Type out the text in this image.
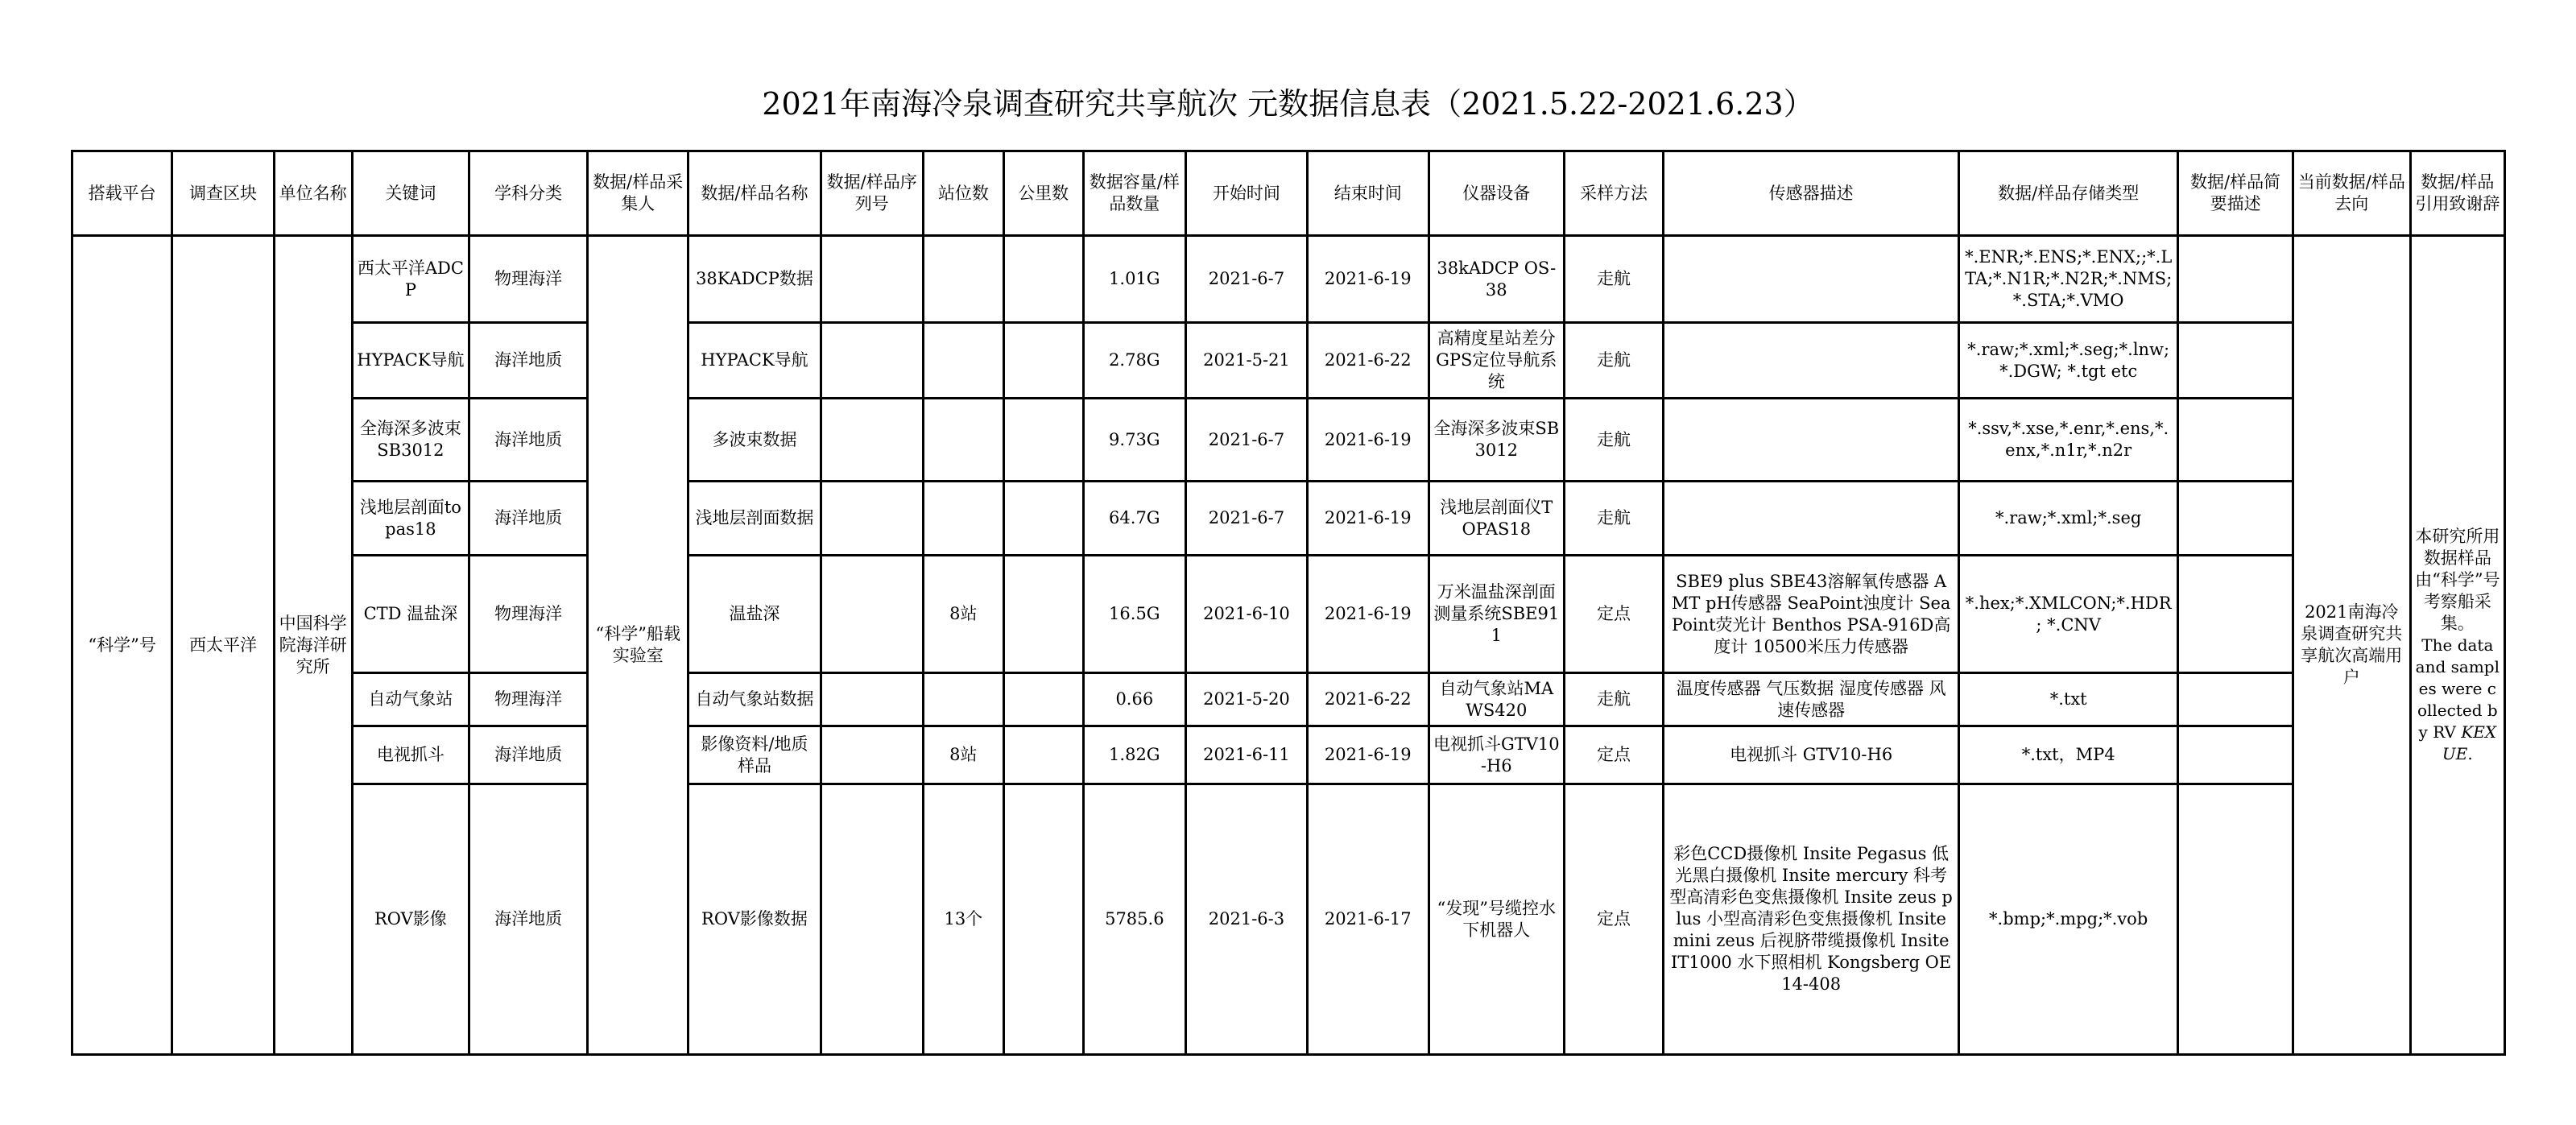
2021年南海冷泉调查研究共享航次 元数据信息表（2021.5.22-2021.6.23）
搭载平台	调查区块	单位名称	关键词	学科分类	数据/样品采集人	数据/样品名称	数据/样品序列号	站位数	公里数	数据容量/样品数量	开始时间	结束时间	仪器设备	采样方法	传感器描述	数据/样品存储类型	数据/样品简要描述	当前数据/样品去向	数据/样品引用致谢辞
“科学”号	西太平洋	中国科学院海洋研究所	西太平洋ADCP	物理海洋	“科学”船载实验室	38KADCP数据				1.01G	2021-6-7	2021-6-19	38kADCP OS-38	走航		*.ENR;*.ENS;*.ENX;;*.LTA;*.N1R;*.N2R;*.NMS;*.STA;*.VMO		2021南海冷泉调查研究共享航次高端用户	本研究所用数据样品由“科学”号考察船采集。
The data and samples were collected by RV KEXUE.

			HYPACK导航	海洋地质		HYPACK导航				2.78G	2021-5-21	2021-6-22	高精度星站差分GPS定位导航系统	走航		*.raw;*.xml;*.seg;*.lnw; *.DGW; *.tgt etc			
			全海深多波束 SB3012	海洋地质		多波束数据				9.73G	2021-6-7	2021-6-19	全海深多波束SB3012	走航		*.ssv,*.xse,*.enr,*.ens,*.enx,*.n1r,*.n2r			
			浅地层剖面topas18	海洋地质		浅地层剖面数据				64.7G	2021-6-7	2021-6-19	浅地层剖面仪TOPAS18	走航		*.raw;*.xml;*.seg			
			CTD 温盐深	物理海洋		温盐深		8站		16.5G	2021-6-10	2021-6-19	万米温盐深剖面测量系统SBE911	定点	SBE9 plus SBE43溶解氧传感器 AMT pH传感器 SeaPoint浊度计 SeaPoint荧光计 Benthos PSA-916D高度计 10500米压力传感器	*.hex;*.XMLCON;*.HDR ; *.CNV			
			自动气象站	物理海洋		自动气象站数据				0.66	2021-5-20	2021-6-22	自动气象站MAWS420	走航	温度传感器 气压数据 湿度传感器 风速传感器	*.txt			
			电视抓斗	海洋地质		影像资料/地质样品		8站		1.82G	2021-6-11	2021-6-19	电视抓斗GTV10-H6	定点	电视抓斗 GTV10-H6	*.txt，MP4			
			ROV影像	海洋地质		ROV影像数据		13个		5785.6	2021-6-3	2021-6-17	“发现”号缆控水下机器人	定点	彩色CCD摄像机 Insite Pegasus 低光黑白摄像机 Insite mercury 科考型高清彩色变焦摄像机 Insite zeus plus 小型高清彩色变焦摄像机 Insite mini zeus 后视脐带缆摄像机 Insite IT1000 水下照相机 Kongsberg OE14-408	*.bmp;*.mpg;*.vob			
